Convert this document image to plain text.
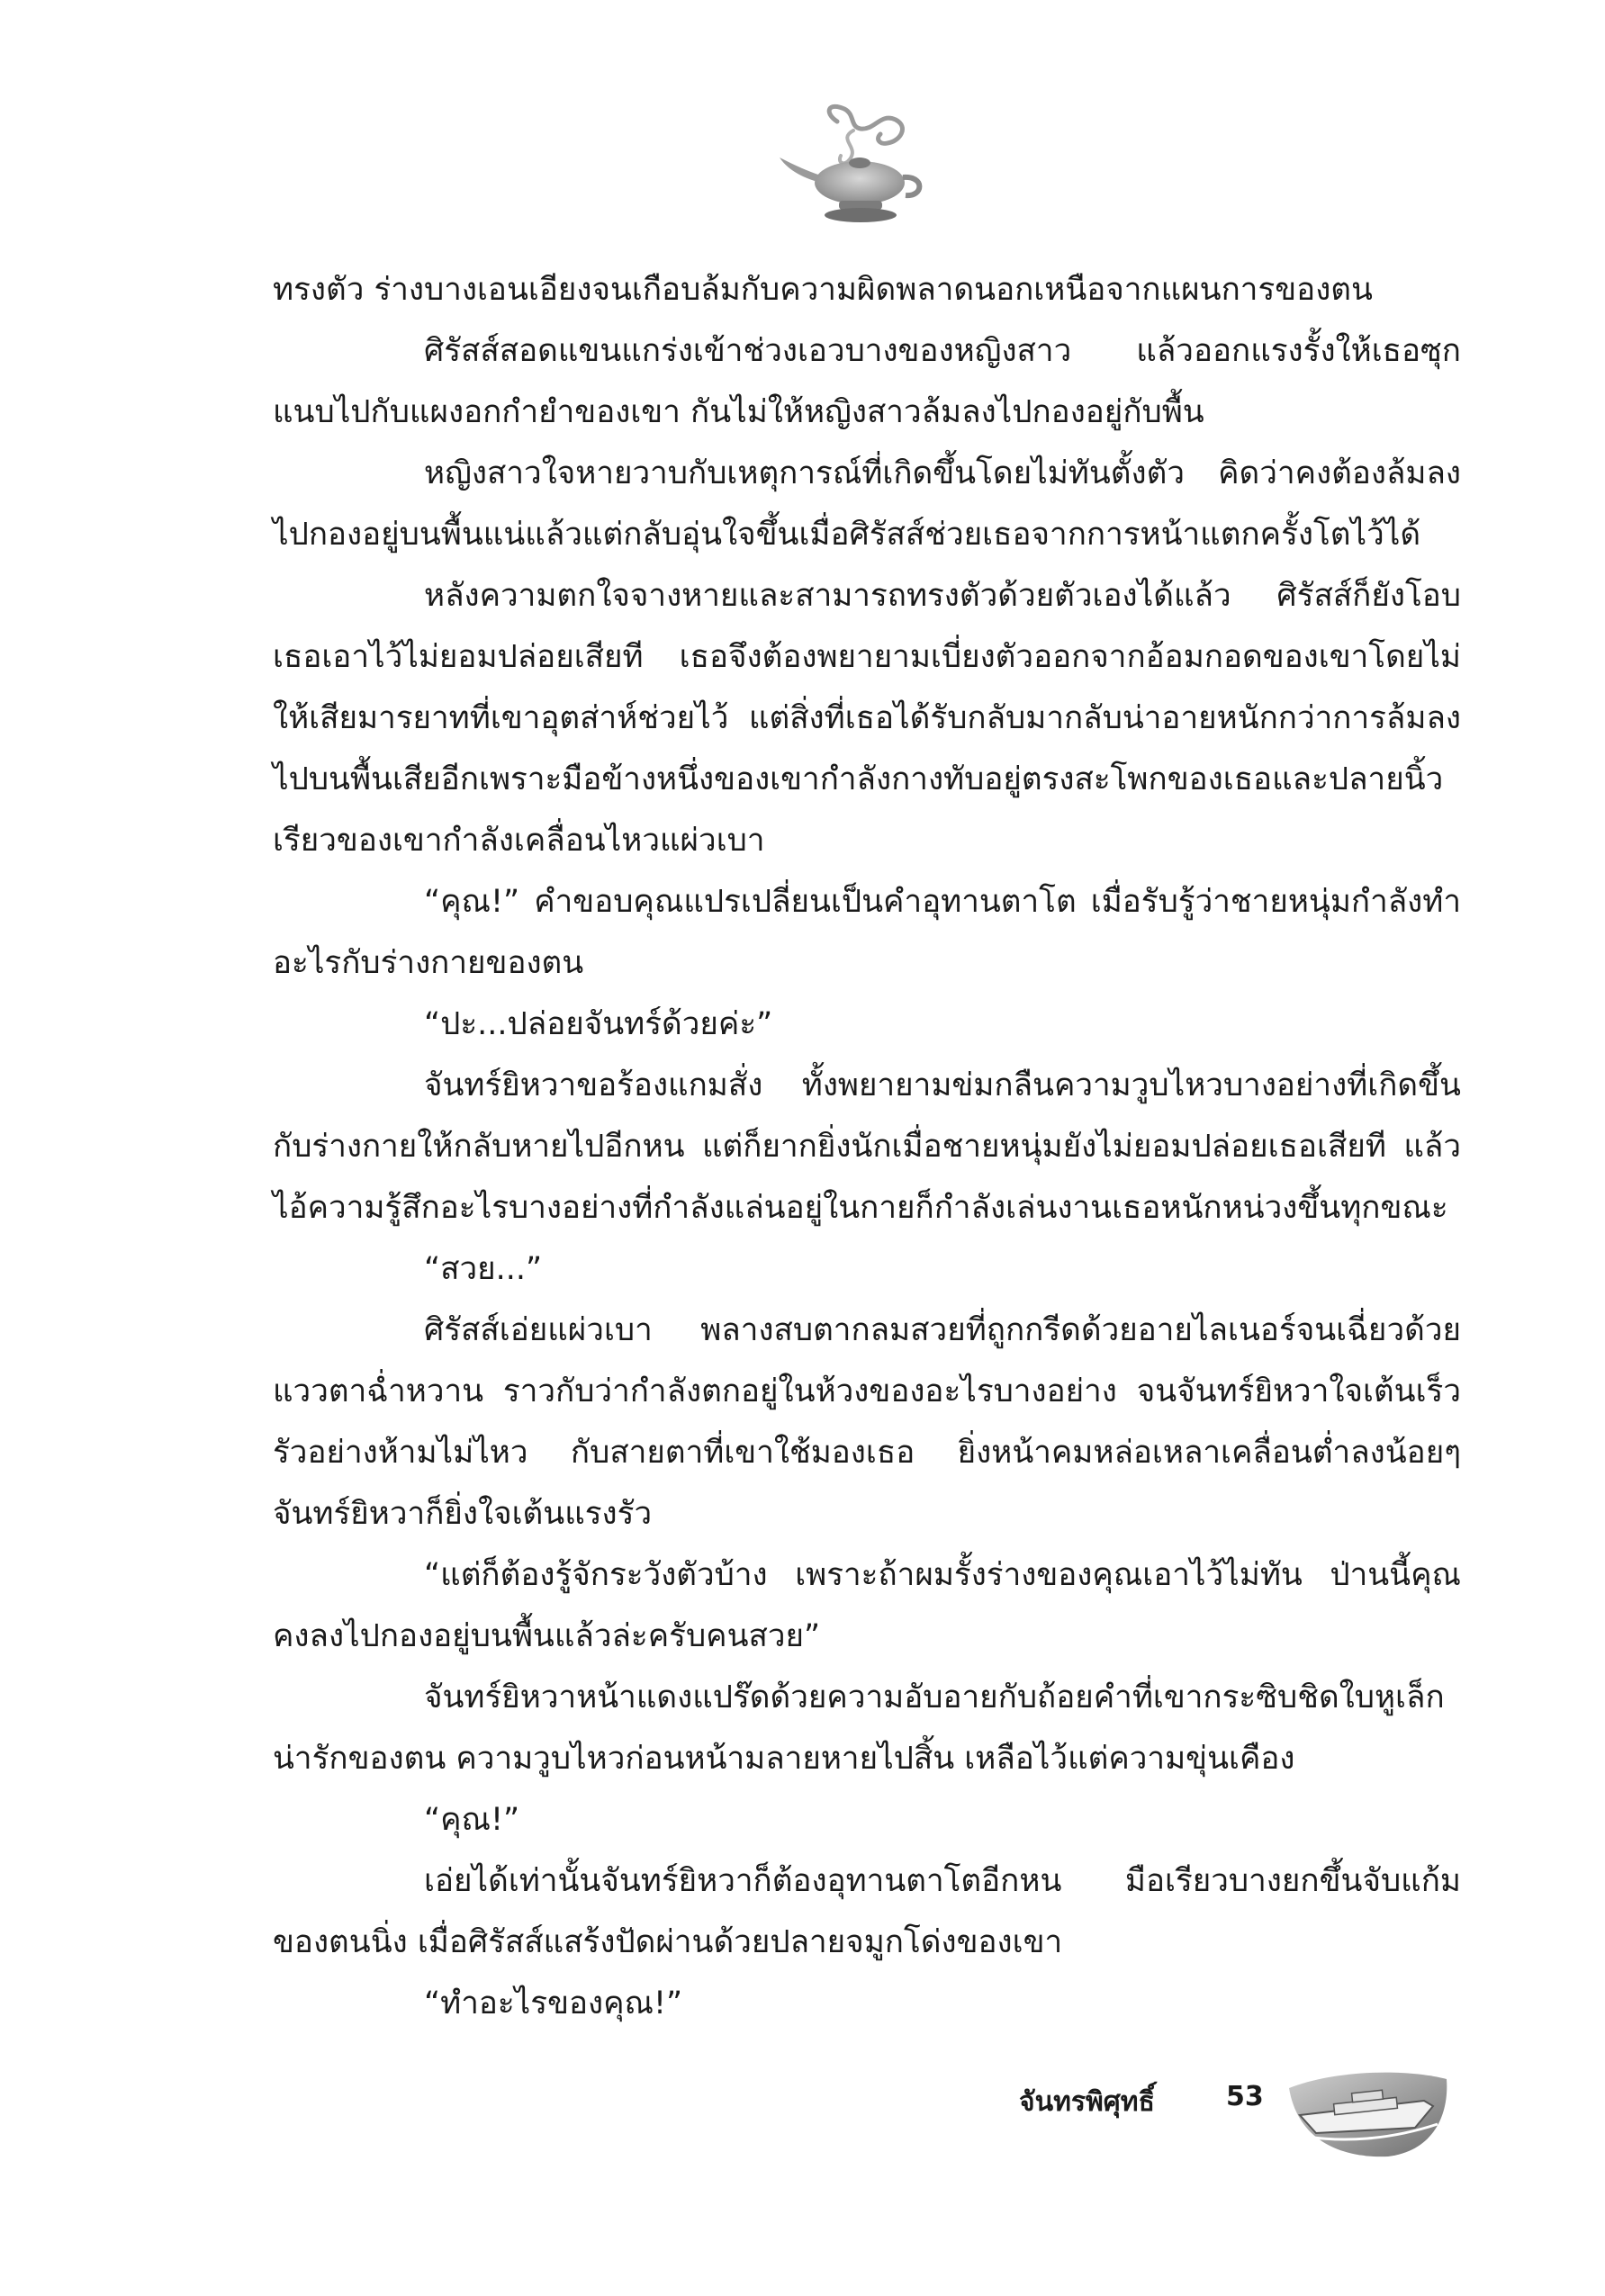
ทรงตัว ร่างบางเอนเอียงจนเกือบล้มกับความผิดพลาดนอกเหนือจากแผนการของตน

ศิรัสส์สอดแขนแกร่งเข้าช่วงเอวบางของหญิงสาว แล้วออกแรงรั้งให้เธอซุกแนบไปกับแผงอกกำยำของเขา กันไม่ให้หญิงสาวล้มลงไปกองอยู่กับพื้น

หญิงสาวใจหายวาบกับเหตุการณ์ที่เกิดขึ้นโดยไม่ทันตั้งตัว คิดว่าคงต้องล้มลงไปกองอยู่บนพื้นแน่แล้วแต่กลับอุ่นใจขึ้นเมื่อศิรัสส์ช่วยเธอจากการหน้าแตกครั้งโตไว้ได้

หลังความตกใจจางหายและสามารถทรงตัวด้วยตัวเองได้แล้ว ศิรัสส์ก็ยังโอบเธอเอาไว้ไม่ยอมปล่อยเสียที เธอจึงต้องพยายามเบี่ยงตัวออกจากอ้อมกอดของเขาโดยไม่ให้เสียมารยาทที่เขาอุตส่าห์ช่วยไว้ แต่สิ่งที่เธอได้รับกลับมากลับน่าอายหนักกว่าการล้มลงไปบนพื้นเสียอีกเพราะมือข้างหนึ่งของเขากำลังกางทับอยู่ตรงสะโพกของเธอและปลายนิ้วเรียวของเขากำลังเคลื่อนไหวแผ่วเบา

“คุณ!” คำขอบคุณแปรเปลี่ยนเป็นคำอุทานตาโต เมื่อรับรู้ว่าชายหนุ่มกำลังทำอะไรกับร่างกายของตน

“ปะ...ปล่อยจันทร์ด้วยค่ะ”

จันทร์ยิหวาขอร้องแกมสั่ง ทั้งพยายามข่มกลืนความวูบไหวบางอย่างที่เกิดขึ้นกับร่างกายให้กลับหายไปอีกหน แต่ก็ยากยิ่งนักเมื่อชายหนุ่มยังไม่ยอมปล่อยเธอเสียที แล้วไอ้ความรู้สึกอะไรบางอย่างที่กำลังแล่นอยู่ในกายก็กำลังเล่นงานเธอหนักหน่วงขึ้นทุกขณะ

“สวย...”

ศิรัสส์เอ่ยแผ่วเบา พลางสบตากลมสวยที่ถูกกรีดด้วยอายไลเนอร์จนเฉี่ยวด้วยแววตาฉ่ำหวาน ราวกับว่ากำลังตกอยู่ในห้วงของอะไรบางอย่าง จนจันทร์ยิหวาใจเต้นเร็วรัวอย่างห้ามไม่ไหว กับสายตาที่เขาใช้มองเธอ ยิ่งหน้าคมหล่อเหลาเคลื่อนต่ำลงน้อยๆ จันทร์ยิหวาก็ยิ่งใจเต้นแรงรัว

“แต่ก็ต้องรู้จักระวังตัวบ้าง เพราะถ้าผมรั้งร่างของคุณเอาไว้ไม่ทัน ป่านนี้คุณคงลงไปกองอยู่บนพื้นแล้วล่ะครับคนสวย”

จันทร์ยิหวาหน้าแดงแปร๊ดด้วยความอับอายกับถ้อยคำที่เขากระซิบชิดใบหูเล็กน่ารักของตน ความวูบไหวก่อนหน้ามลายหายไปสิ้น เหลือไว้แต่ความขุ่นเคือง

“คุณ!”

เอ่ยได้เท่านั้นจันทร์ยิหวาก็ต้องอุทานตาโตอีกหน มือเรียวบางยกขึ้นจับแก้มของตนนิ่ง เมื่อศิรัสส์แสร้งปัดผ่านด้วยปลายจมูกโด่งของเขา

“ทำอะไรของคุณ!”

จันทรพิศุทธิ์	53
